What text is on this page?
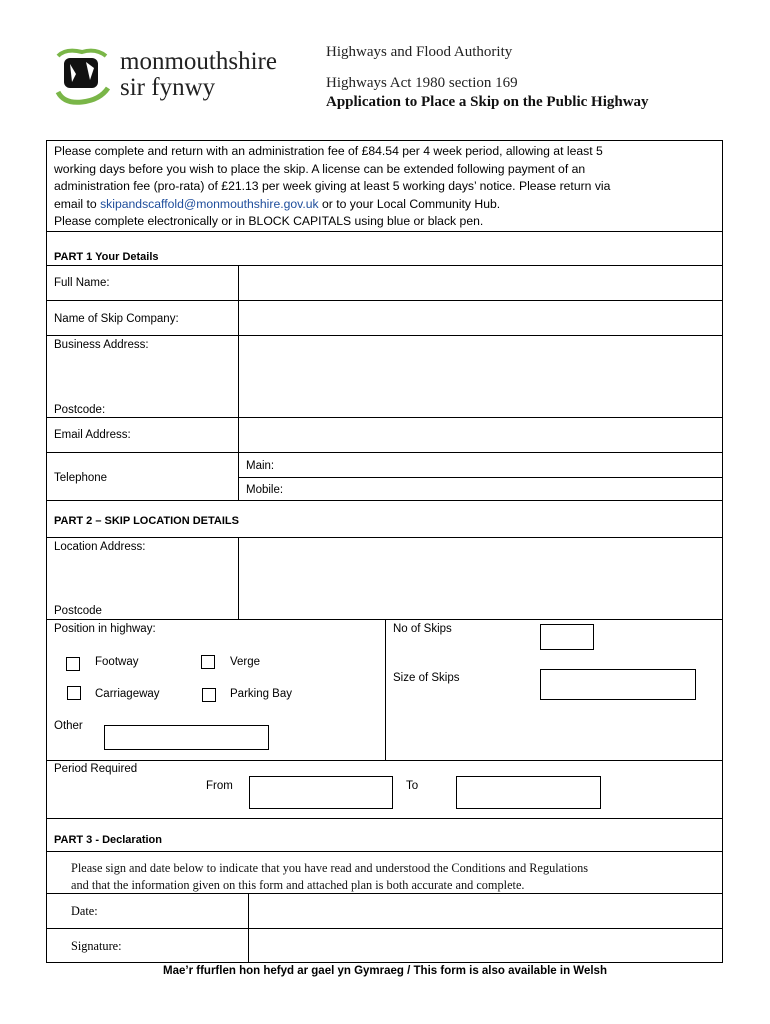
monmouthshire
sir fynwy
Highways and Flood Authority
Highways Act 1980 section 169
Application to Place a Skip on the Public Highway
Please complete and return with an administration fee of £84.54 per 4 week period, allowing at least 5
working days before you wish to place the skip. A license can be extended following payment of an
administration fee (pro-rata) of £21.13 per week giving at least 5 working days’ notice. Please return via
email to skipandscaffold@monmouthshire.gov.uk or to your Local Community Hub.
Please complete electronically or in BLOCK CAPITALS using blue or black pen.
PART 1 Your Details
Full Name:
Name of Skip Company:
Business Address:
Postcode:
Email Address:
Telephone
Main:
Mobile:
PART 2 – SKIP LOCATION DETAILS
Location Address:
Postcode
Position in highway:
Footway	Verge
Carriageway	Parking Bay
Other
No of Skips
Size of Skips
Period Required
From	To
PART 3 - Declaration
Please sign and date below to indicate that you have read and understood the Conditions and Regulations
and that the information given on this form and attached plan is both accurate and complete.
Date:
Signature:
Mae’r ffurflen hon hefyd ar gael yn Gymraeg / This form is also available in Welsh
